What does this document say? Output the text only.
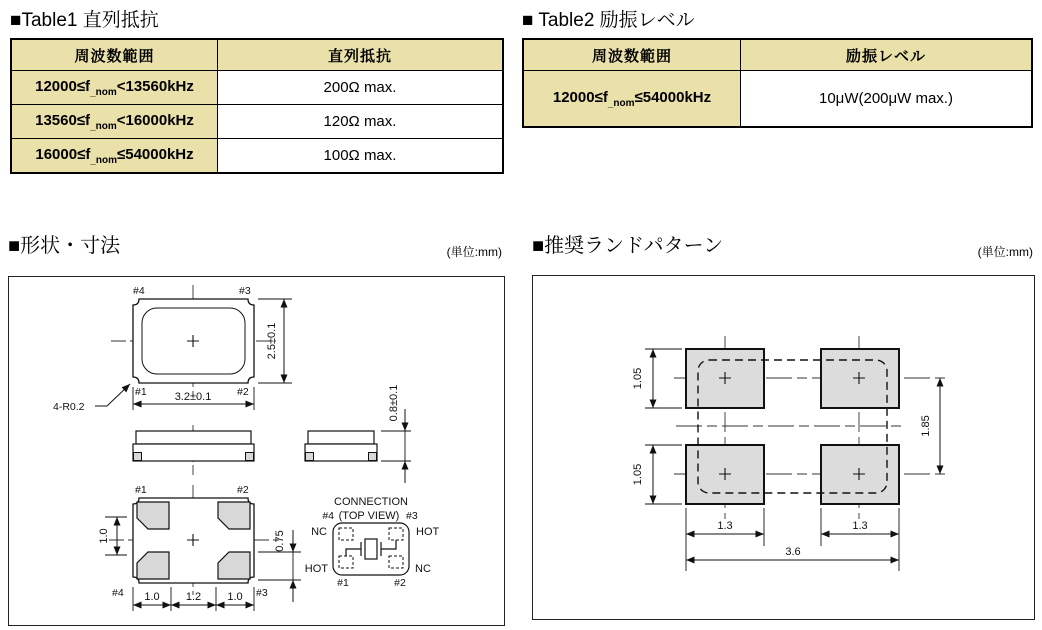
■Table1 直列抵抗
周波数範囲	直列抵抗
$12000\le f_{\_nom}<13560kHz$	200Ω max.
$13560\le f_{\_nom}<16000kHz$	120Ω max.
$16000\le f_{\_nom}\le 54000kHz$	100Ω max.
■ Table2 励振レベル
周波数範囲	励振レベル
$12000\le f_{\_nom}\le 54000kHz$	10μW(200μW max.)
■形状・寸法	(単位:mm)
#4	#3
#1	#2
2.5±0.1
3.2±0.1
4-R0.2	0.8±0.1
#1	#2
#4	#3
1.0	0.75
1.0 1.2 1.0
CONNECTION
#4 (TOP VIEW) #3
NC	HOT
HOT
#1	#2
NC
■推奨ランドパターン	(単位:mm)
1.05
1.05
1.85
1.3	1.3
3.6
